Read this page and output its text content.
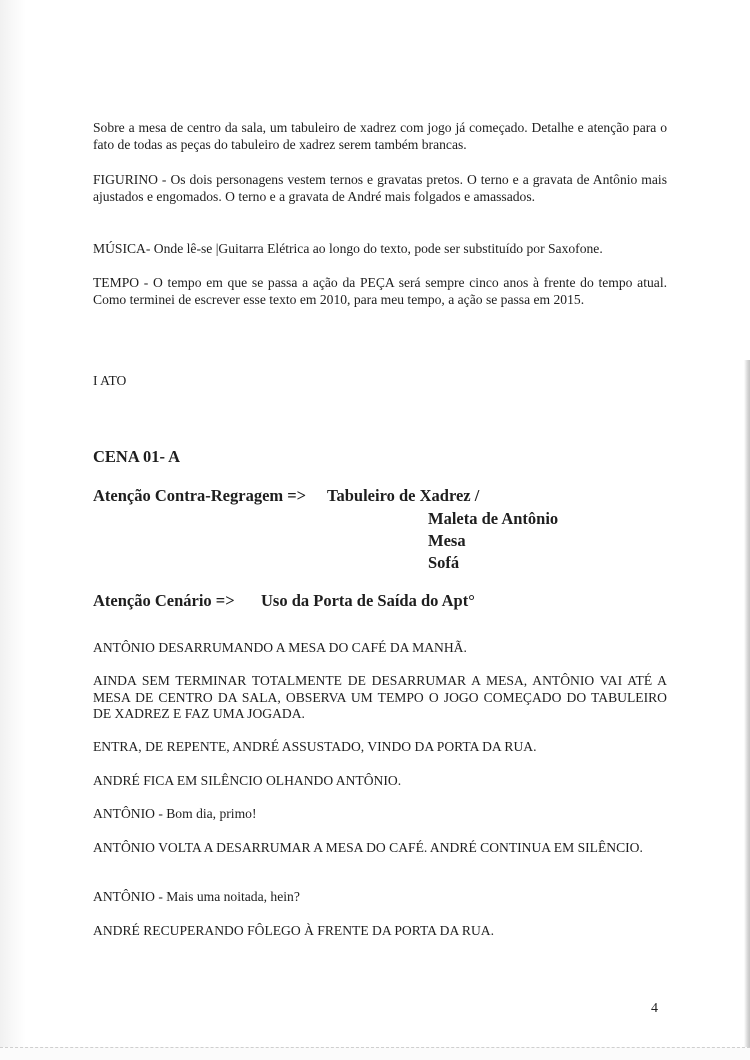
Sobre a mesa de centro da sala, um tabuleiro de xadrez com jogo já começado. Detalhe e atenção para o fato de todas as peças do tabuleiro de xadrez serem também brancas.

FIGURINO - Os dois personagens vestem ternos e gravatas pretos. O terno e a gravata de Antônio mais ajustados e engomados. O terno e a gravata de André mais folgados e amassados.

MÚSICA- Onde lê-se |Guitarra Elétrica ao longo do texto, pode ser substituído por Saxofone.

TEMPO - O tempo em que se passa a ação da PEÇA será sempre cinco anos à frente do tempo atual. Como terminei de escrever esse texto em 2010, para meu tempo, a ação se passa em 2015.

I ATO

CENA 01- A
Atenção Contra-Regragem => Tabuleiro de Xadrez /
Maleta de Antônio
Mesa
Sofá
Atenção Cenário => Uso da Porta de Saída do Apt°

ANTÔNIO DESARRUMANDO A MESA DO CAFÉ DA MANHÃ.

AINDA SEM TERMINAR TOTALMENTE DE DESARRUMAR A MESA, ANTÔNIO VAI ATÉ A MESA DE CENTRO DA SALA, OBSERVA UM TEMPO O JOGO COMEÇADO DO TABULEIRO DE XADREZ E FAZ UMA JOGADA.

ENTRA, DE REPENTE, ANDRÉ ASSUSTADO, VINDO DA PORTA DA RUA.

ANDRÉ FICA EM SILÊNCIO OLHANDO ANTÔNIO.

ANTÔNIO - Bom dia, primo!

ANTÔNIO VOLTA A DESARRUMAR A MESA DO CAFÉ. ANDRÉ CONTINUA EM SILÊNCIO.

ANTÔNIO - Mais uma noitada, hein?

ANDRÉ RECUPERANDO FÔLEGO À FRENTE DA PORTA DA RUA.

4
